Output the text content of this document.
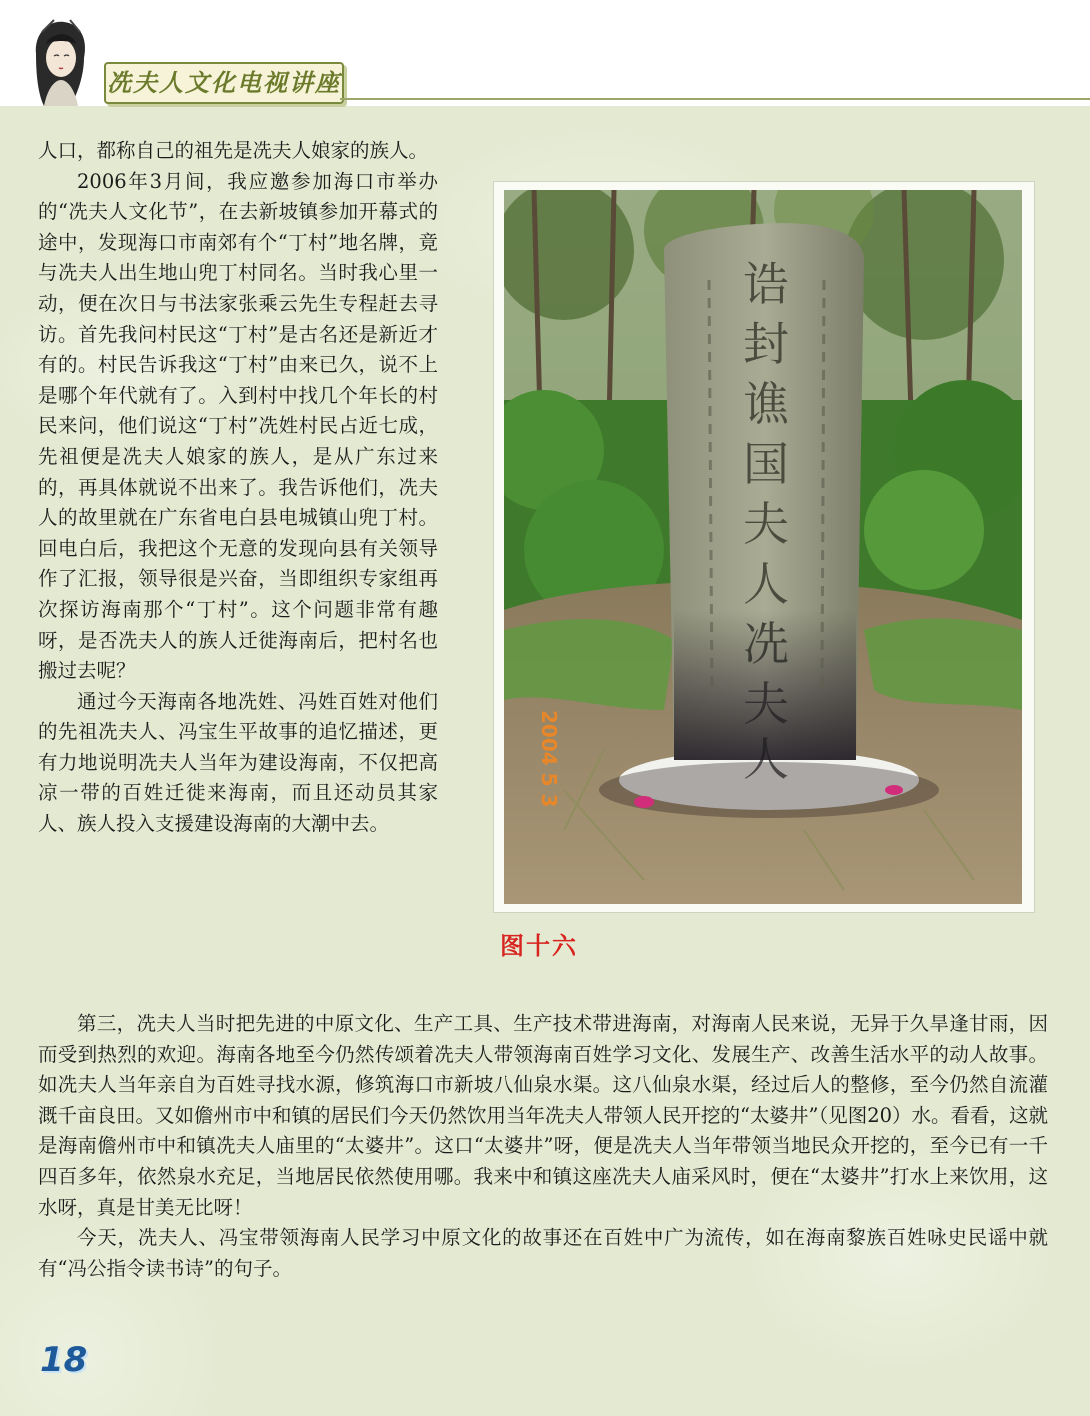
冼夫人文化电视讲座

人口，都称自己的祖先是冼夫人娘家的族人。

2006年3月间，我应邀参加海口市举办的“冼夫人文化节”，在去新坡镇参加开幕式的途中，发现海口市南郊有个“丁村”地名牌，竟与冼夫人出生地山兜丁村同名。当时我心里一动，便在次日与书法家张乘云先生专程赶去寻访。首先我问村民这“丁村”是古名还是新近才有的。村民告诉我这“丁村”由来已久，说不上是哪个年代就有了。入到村中找几个年长的村民来问，他们说这“丁村”冼姓村民占近七成，先祖便是冼夫人娘家的族人，是从广东过来的，再具体就说不出来了。我告诉他们，冼夫人的故里就在广东省电白县电城镇山兜丁村。回电白后，我把这个无意的发现向县有关领导作了汇报，领导很是兴奋，当即组织专家组再次探访海南那个“丁村”。这个问题非常有趣呀，是否冼夫人的族人迁徙海南后，把村名也搬过去呢？

通过今天海南各地冼姓、冯姓百姓对他们的先祖冼夫人、冯宝生平故事的追忆描述，更有力地说明冼夫人当年为建设海南，不仅把高凉一带的百姓迁徙来海南，而且还动员其家人、族人投入支援建设海南的大潮中去。

诰
封
谯
国
夫
人
冼
夫
人
2004 5 3
图十六

第三，冼夫人当时把先进的中原文化、生产工具、生产技术带进海南，对海南人民来说，无异于久旱逢甘雨，因而受到热烈的欢迎。海南各地至今仍然传颂着冼夫人带领海南百姓学习文化、发展生产、改善生活水平的动人故事。如冼夫人当年亲自为百姓寻找水源，修筑海口市新坡八仙泉水渠。这八仙泉水渠，经过后人的整修，至今仍然自流灌溉千亩良田。又如儋州市中和镇的居民们今天仍然饮用当年冼夫人带领人民开挖的“太婆井”（见图20）水。看看，这就是海南儋州市中和镇冼夫人庙里的“太婆井”。这口“太婆井”呀，便是冼夫人当年带领当地民众开挖的，至今已有一千四百多年，依然泉水充足，当地居民依然使用哪。我来中和镇这座冼夫人庙采风时，便在“太婆井”打水上来饮用，这水呀，真是甘美无比呀！

今天，冼夫人、冯宝带领海南人民学习中原文化的故事还在百姓中广为流传，如在海南黎族百姓咏史民谣中就有“冯公指令读书诗”的句子。

18
